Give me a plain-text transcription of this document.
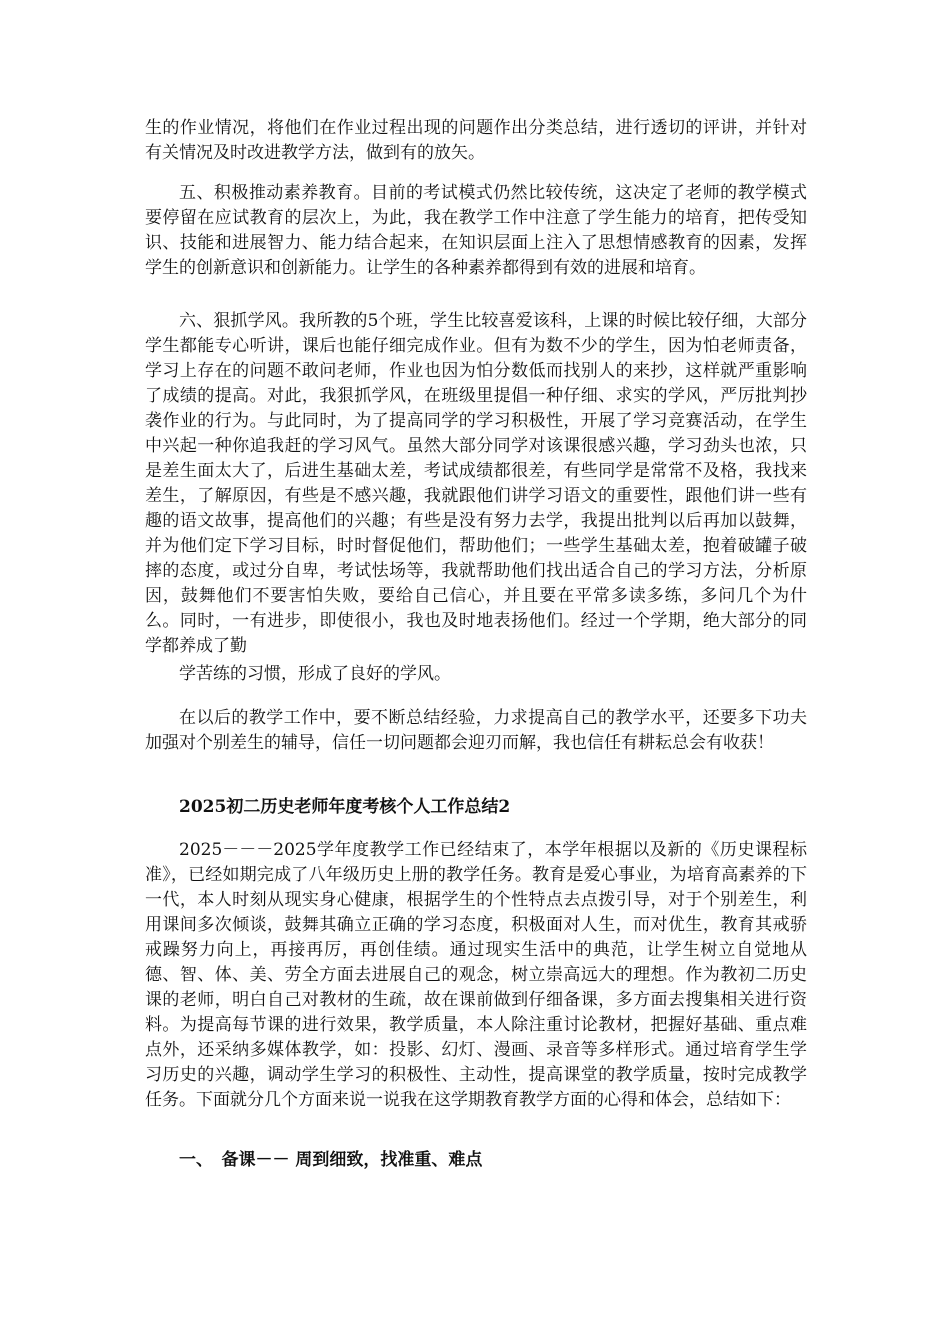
生的作业情况，将他们在作业过程出现的问题作出分类总结，进行透切的评讲，并针对有关情况及时改进教学方法，做到有的放矢。

五、积极推动素养教育。目前的考试模式仍然比较传统，这决定了老师的教学模式要停留在应试教育的层次上，为此，我在教学工作中注意了学生能力的培育，把传受知识、技能和进展智力、能力结合起来，在知识层面上注入了思想情感教育的因素，发挥学生的创新意识和创新能力。让学生的各种素养都得到有效的进展和培育。

六、狠抓学风。我所教的5个班，学生比较喜爱该科，上课的时候比较仔细，大部分学生都能专心听讲，课后也能仔细完成作业。但有为数不少的学生，因为怕老师责备，学习上存在的问题不敢问老师，作业也因为怕分数低而找别人的来抄，这样就严重影响了成绩的提高。对此，我狠抓学风，在班级里提倡一种仔细、求实的学风，严厉批判抄袭作业的行为。与此同时，为了提高同学的学习积极性，开展了学习竞赛活动，在学生中兴起一种你追我赶的学习风气。虽然大部分同学对该课很感兴趣，学习劲头也浓，只是差生面太大了，后进生基础太差，考试成绩都很差，有些同学是常常不及格，我找来差生，了解原因，有些是不感兴趣，我就跟他们讲学习语文的重要性，跟他们讲一些有趣的语文故事，提高他们的兴趣；有些是没有努力去学，我提出批判以后再加以鼓舞，并为他们定下学习目标，时时督促他们，帮助他们；一些学生基础太差，抱着破罐子破摔的态度，或过分自卑，考试怯场等，我就帮助他们找出适合自己的学习方法，分析原因，鼓舞他们不要害怕失败，要给自己信心，并且要在平常多读多练，多问几个为什么。同时，一有进步，即使很小，我也及时地表扬他们。经过一个学期，绝大部分的同学都养成了勤

学苦练的习惯，形成了良好的学风。

在以后的教学工作中，要不断总结经验，力求提高自己的教学水平，还要多下功夫加强对个别差生的辅导，信任一切问题都会迎刃而解，我也信任有耕耘总会有收获！

2025初二历史老师年度考核个人工作总结2

2025－－－2025学年度教学工作已经结束了，本学年根据以及新的《历史课程标准》，已经如期完成了八年级历史上册的教学任务。教育是爱心事业，为培育高素养的下一代，本人时刻从现实身心健康，根据学生的个性特点去点拨引导，对于个别差生，利用课间多次倾谈，鼓舞其确立正确的学习态度，积极面对人生，而对优生，教育其戒骄戒躁努力向上，再接再厉，再创佳绩。通过现实生活中的典范，让学生树立自觉地从德、智、体、美、劳全方面去进展自己的观念，树立崇高远大的理想。作为教初二历史课的老师，明白自己对教材的生疏，故在课前做到仔细备课，多方面去搜集相关进行资料。为提高每节课的进行效果，教学质量，本人除注重讨论教材，把握好基础、重点难点外，还采纳多媒体教学，如：投影、幻灯、漫画、录音等多样形式。通过培育学生学习历史的兴趣，调动学生学习的积极性、主动性，提高课堂的教学质量，按时完成教学任务。下面就分几个方面来说一说我在这学期教育教学方面的心得和体会，总结如下：

一、　备课－－ 周到细致，找准重、难点
